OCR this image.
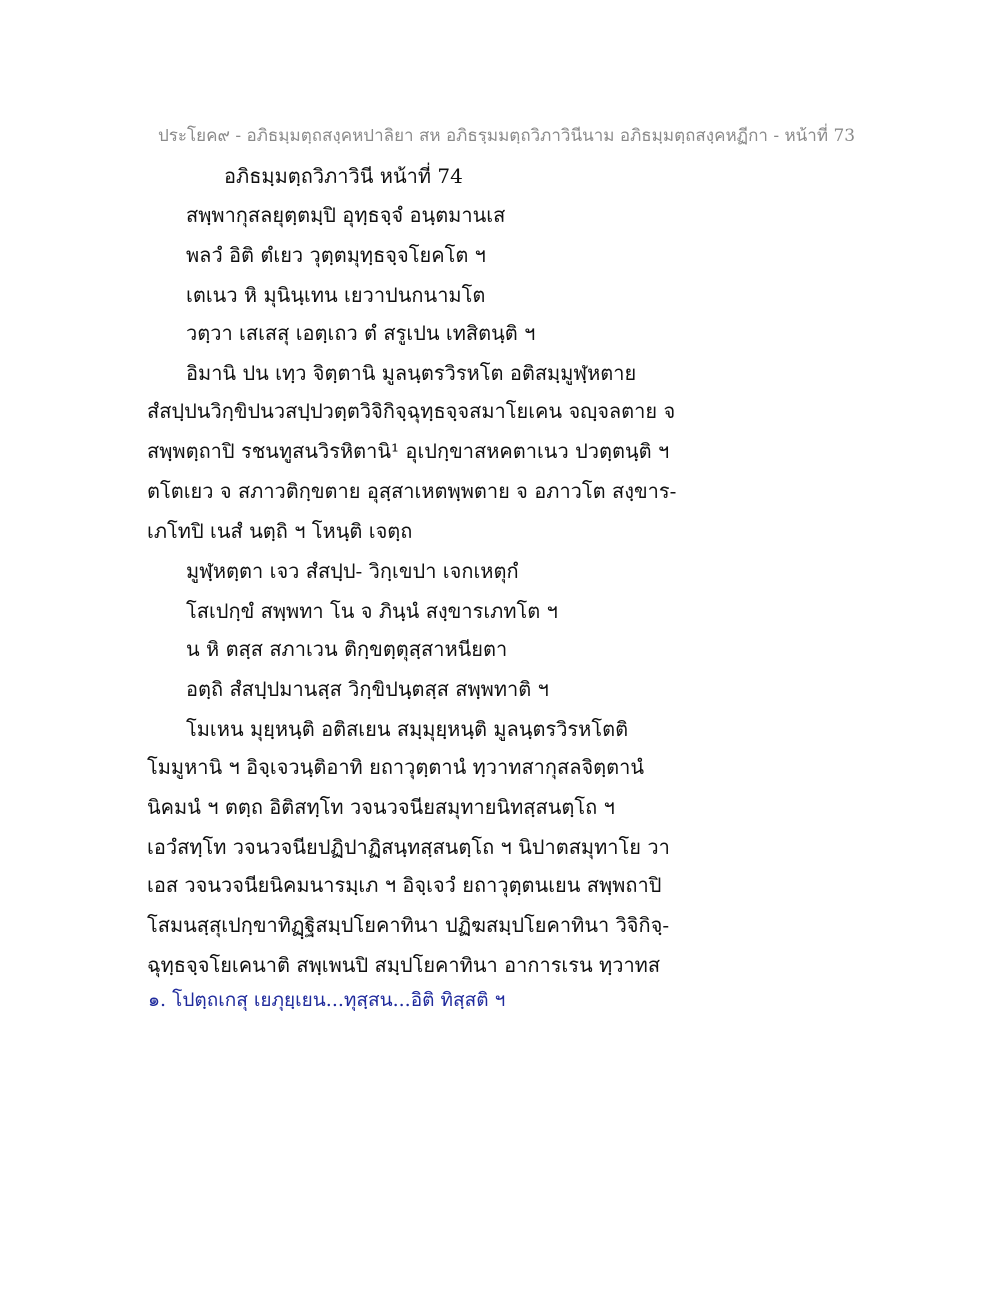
ประโยค๙ - อภิธมฺมตฺถสงฺคหปาลิยา สห อภิธรฺมมตฺถวิภาวินีนาม อภิธมฺมตฺถสงฺคหฏีกา - หน้าที่ 73
อภิธมฺมตฺถวิภาวินี หน้าที่ 74
สพฺพากุสลยุตฺตมฺปิ อุทฺธจฺจํ อนฺตมานเส
พลวํ อิติ ตํเยว วุตฺตมุทฺธจฺจโยคโต ฯ
เตเนว หิ มุนินฺเทน เยวาปนกนามโต
วตฺวา เสเสสุ เอตฺเถว ตํ สรูเปน เทสิตนฺติ ฯ
อิมานิ ปน เทฺว จิตฺตานิ มูลนฺตรวิรหโต อติสมฺมูฬฺหตาย
สํสปฺปนวิกฺขิปนวสปฺปวตฺตวิจิกิจฺฉุทฺธจฺจสมาโยเคน จญฺจลตาย จ
สพฺพตฺถาปิ รชนทูสนวิรหิตานิ¹ อุเปกฺขาสหคตาเนว ปวตฺตนฺติ ฯ
ตโตเยว จ สภาวติกฺขตาย อุสฺสาเหตพฺพตาย จ อภาวโต สงฺขาร-
เภโทปิ เนสํ นตฺถิ ฯ โหนฺติ เจตฺถ
มูฬฺหตฺตา เจว สํสปฺป- วิกฺเขปา เจกเหตุกํ
โสเปกฺขํ สพฺพทา โน จ ภินฺนํ สงฺขารเภทโต ฯ
น หิ ตสฺส สภาเวน ติกฺขตฺตุสฺสาหนียตา
อตฺถิ สํสปฺปมานสฺส วิกฺขิปนฺตสฺส สพฺพทาติ ฯ
โมเหน มุยฺหนฺติ อติสเยน สมฺมุยฺหนฺติ มูลนฺตรวิรหโตติ
โมมูหานิ ฯ อิจฺเจวนฺติอาทิ ยถาวุตฺตานํ ทฺวาทสากุสลจิตฺตานํ
นิคมนํ ฯ ตตฺถ อิติสทฺโท วจนวจนียสมุทายนิทสฺสนตฺโถ ฯ
เอวํสทฺโท วจนวจนียปฏิปาฏิสนฺทสฺสนตฺโถ ฯ นิปาตสมุทาโย วา
เอส วจนวจนียนิคมนารมฺเภ ฯ อิจฺเจวํ ยถาวุตฺตนเยน สพฺพถาปิ
โสมนสฺสุเปกฺขาทิฏฺฐิสมฺปโยคาทินา ปฏิฆสมฺปโยคาทินา วิจิกิจฺ-
ฉุทฺธจฺจโยเคนาติ สพฺเพนปิ สมฺปโยคาทินา อาการเรน ทฺวาทส
๑. โปตฺถเกสุ เยภุยฺเยน...ทุสฺสน...อิติ ทิสฺสติ ฯ
